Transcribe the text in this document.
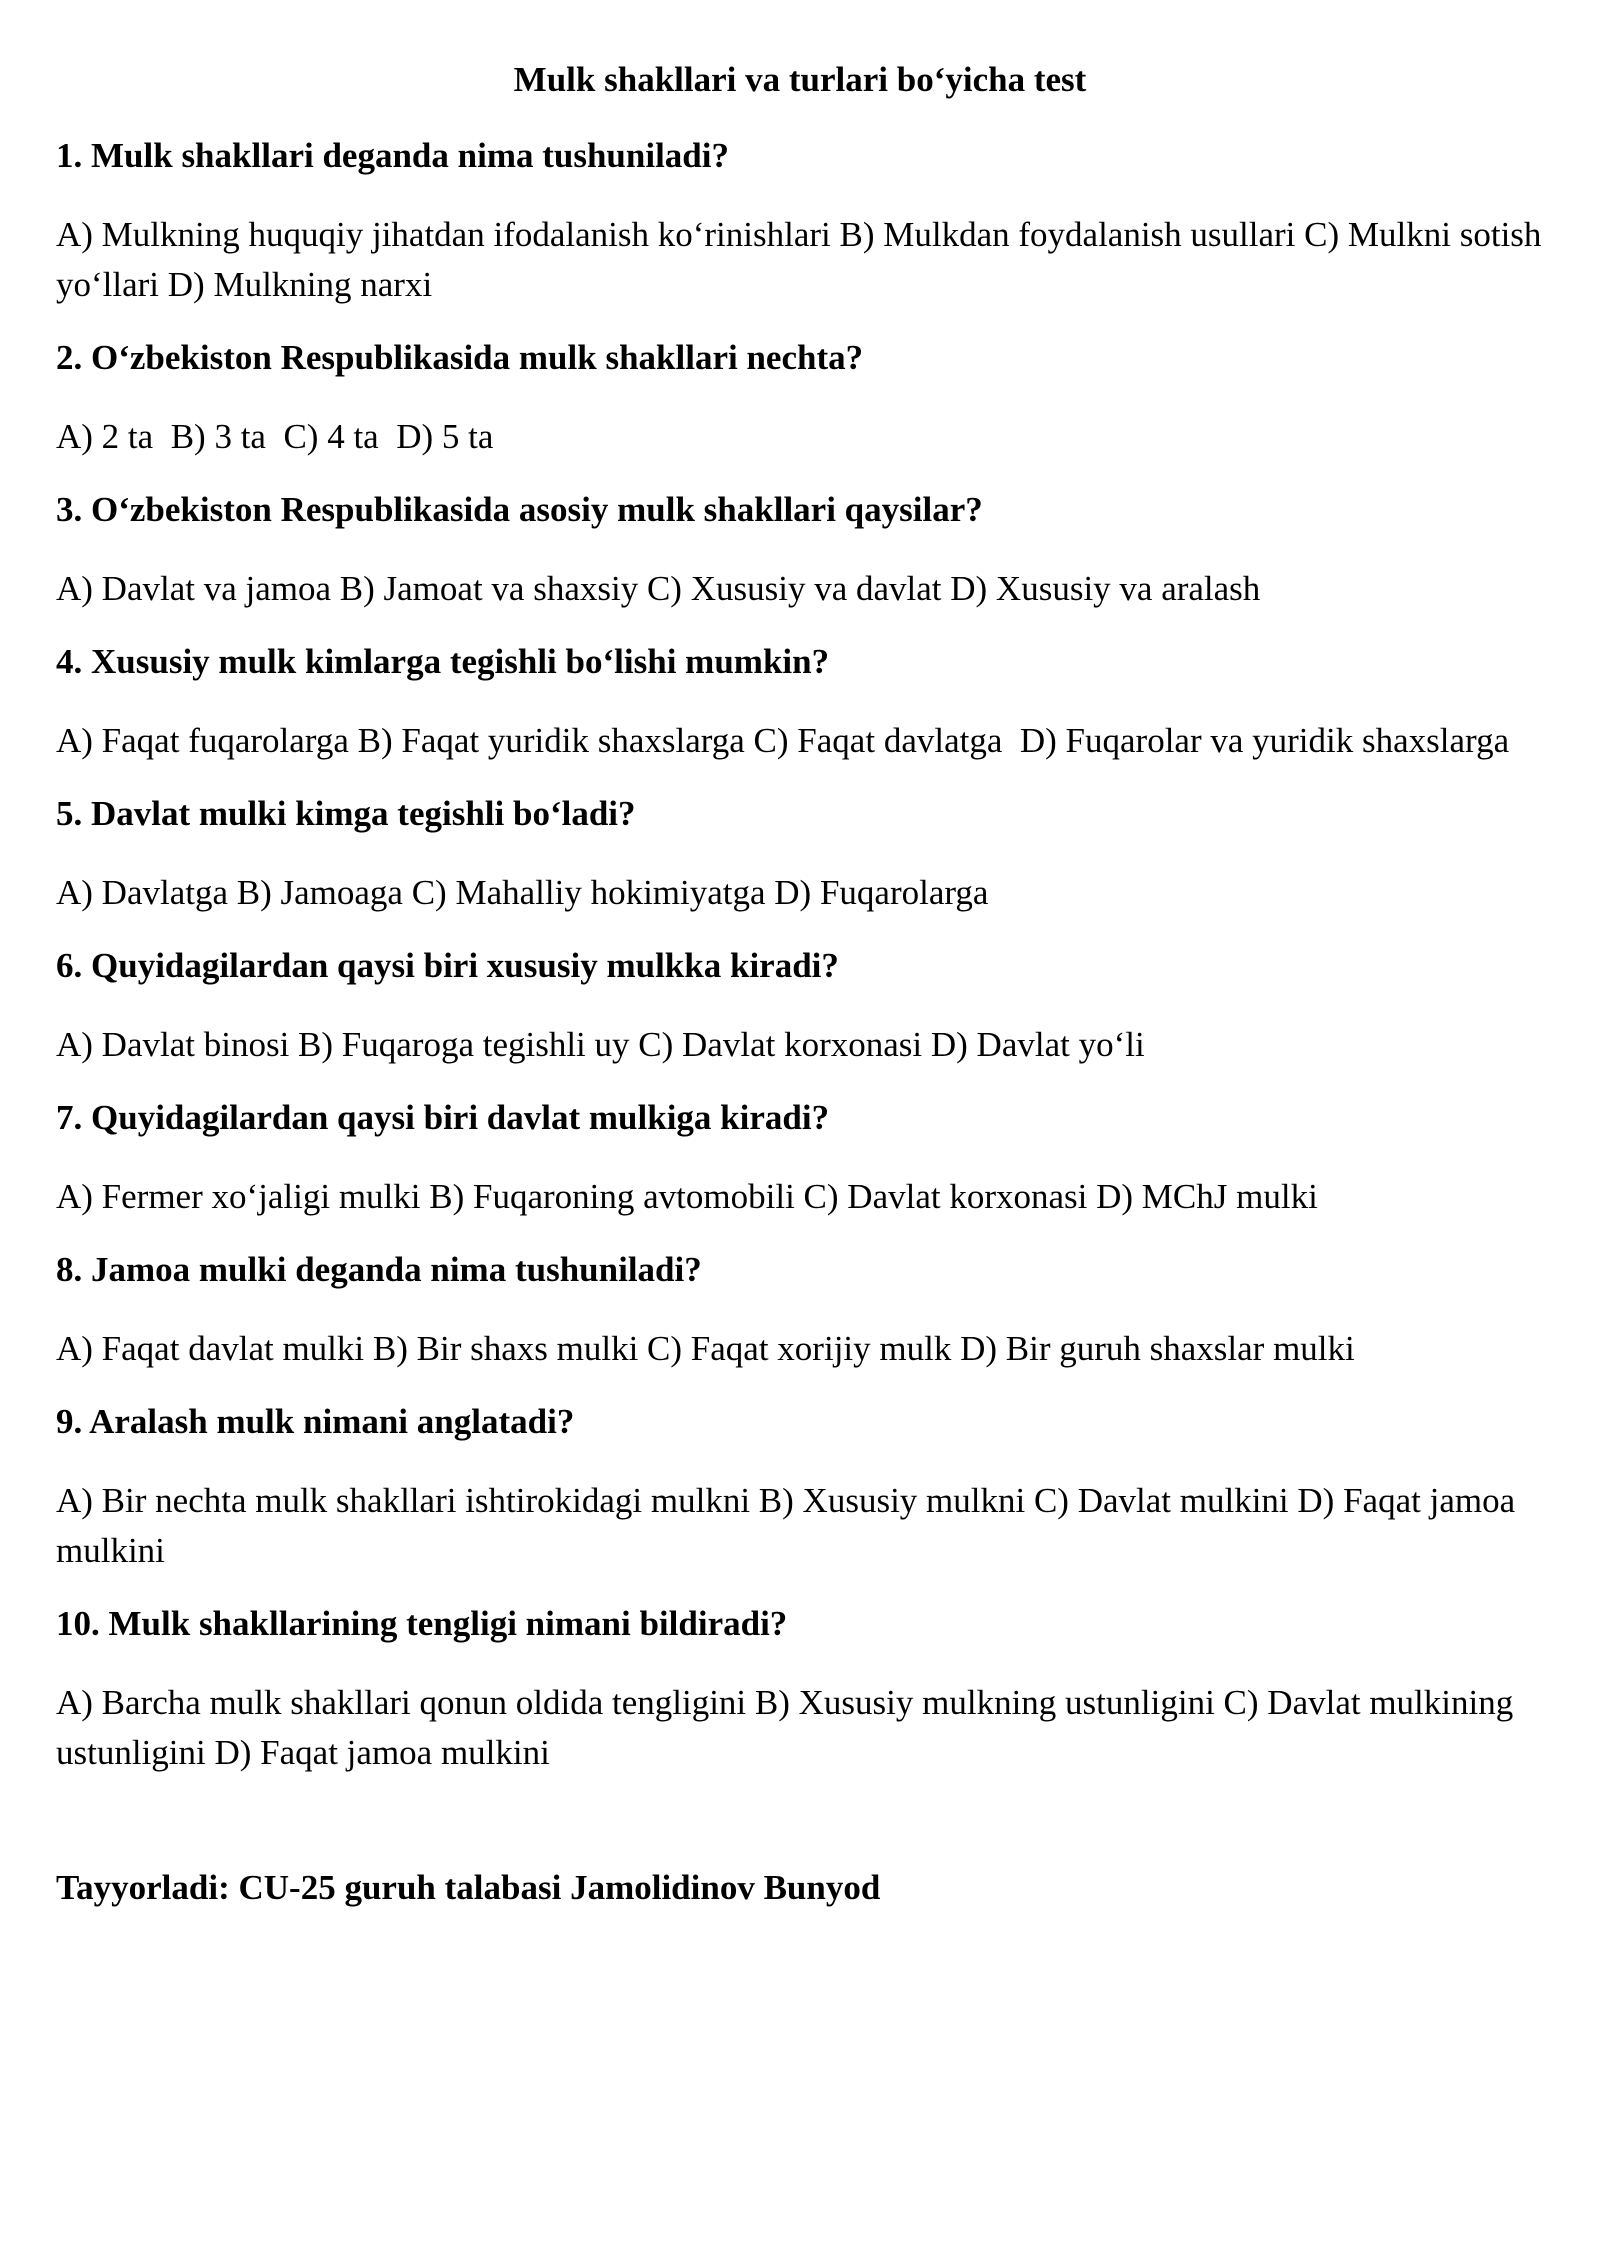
Mulk shakllari va turlari bo‘yicha test
1. Mulk shakllari deganda nima tushuniladi?
A) Mulkning huquqiy jihatdan ifodalanish ko‘rinishlari B) Mulkdan foydalanish usullari C) Mulkni sotish yo‘llari D) Mulkning narxi
2. O‘zbekiston Respublikasida mulk shakllari nechta?
A) 2 ta  B) 3 ta  C) 4 ta  D) 5 ta
3. O‘zbekiston Respublikasida asosiy mulk shakllari qaysilar?
A) Davlat va jamoa B) Jamoat va shaxsiy C) Xususiy va davlat D) Xususiy va aralash
4. Xususiy mulk kimlarga tegishli bo‘lishi mumkin?
A) Faqat fuqarolarga B) Faqat yuridik shaxslarga C) Faqat davlatga  D) Fuqarolar va yuridik shaxslarga
5. Davlat mulki kimga tegishli bo‘ladi?
A) Davlatga B) Jamoaga C) Mahalliy hokimiyatga D) Fuqarolarga
6. Quyidagilardan qaysi biri xususiy mulkka kiradi?
A) Davlat binosi B) Fuqaroga tegishli uy C) Davlat korxonasi D) Davlat yo‘li
7. Quyidagilardan qaysi biri davlat mulkiga kiradi?
A) Fermer xo‘jaligi mulki B) Fuqaroning avtomobili C) Davlat korxonasi D) MChJ mulki
8. Jamoa mulki deganda nima tushuniladi?
A) Faqat davlat mulki B) Bir shaxs mulki C) Faqat xorijiy mulk D) Bir guruh shaxslar mulki
9. Aralash mulk nimani anglatadi?
A) Bir nechta mulk shakllari ishtirokidagi mulkni B) Xususiy mulkni C) Davlat mulkini D) Faqat jamoa mulkini
10. Mulk shakllarining tengligi nimani bildiradi?
A) Barcha mulk shakllari qonun oldida tengligini B) Xususiy mulkning ustunligini C) Davlat mulkining ustunligini D) Faqat jamoa mulkini
Tayyorladi: CU-25 guruh talabasi Jamolidinov Bunyod
